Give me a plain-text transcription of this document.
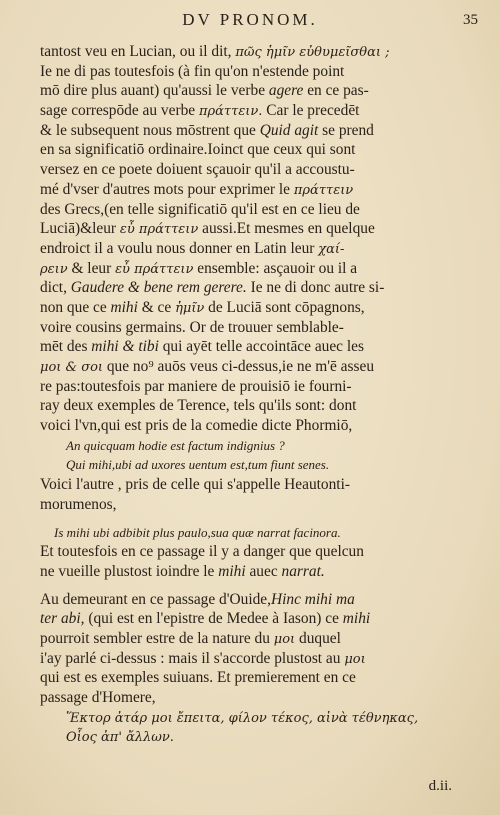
DV PRONOM.	35
tantost veu en Lucian, ou il dit, πῶς ἡμῖν εὐθυμεῖσθαι ;
Ie ne di pas toutesfois (à fin qu'on n'estende point
mō dire plus auant) qu'aussi le verbe agere en ce pas-
sage correspōde au verbe πράττειν. Car le precedēt
& le subsequent nous mōstrent que Quid agit se prend
en sa significatiō ordinaire.Ioinct que ceux qui sont
versez en ce poete doiuent sçauoir qu'il a accoustu-
mé d'vser d'autres mots pour exprimer le πράττειν
des Grecs,(en telle significatiō qu'il est en ce lieu de
Luciā)&leur εὖ πράττειν aussi.Et mesmes en quelque
endroict il a voulu nous donner en Latin leur χαί-
ρειν & leur εὖ πράττειν ensemble: asçauoir ou il a
dict, Gaudere & bene rem gerere. Ie ne di donc autre si-
non que ce mihi & ce ἡμῖν de Luciā sont cōpagnons,
voire cousins germains. Or de trouuer semblable-
mēt des mihi & tibi qui ayēt telle accointāce auec les
μοι & σοι que no⁹ auōs veus ci-dessus,ie ne m'ē asseu
re pas:toutesfois par maniere de prouisiō ie fourni-
ray deux exemples de Terence, tels qu'ils sont: dont
voici l'vn,qui est pris de la comedie dicte Phormiō,
An quicquam hodie est factum indignius ?
Qui mihi,ubi ad uxores uentum est,tum fiunt senes.
Voici l'autre , pris de celle qui s'appelle Heautonti-
morumenos,
Is mihi ubi adbibit plus paulo,sua quæ narrat facinora.
Et toutesfois en ce passage il y a danger que quelcun
ne vueille plustost ioindre le mihi auec narrat.
Au demeurant en ce passage d'Ouide,Hinc mihi ma
ter abi, (qui est en l'epistre de Medee à Iason) ce mihi
pourroit sembler estre de la nature du μοι duquel
i'ay parlé ci-dessus : mais il s'accorde plustost au μοι
qui est es exemples suiuans. Et premierement en ce
passage d'Homere,
Ἕκτορ ἀτάρ μοι ἔπειτα, φίλον τέκος, αἰνὰ τέθνηκας,
Οἷος ἀπ' ἄλλων.
d.ii.
